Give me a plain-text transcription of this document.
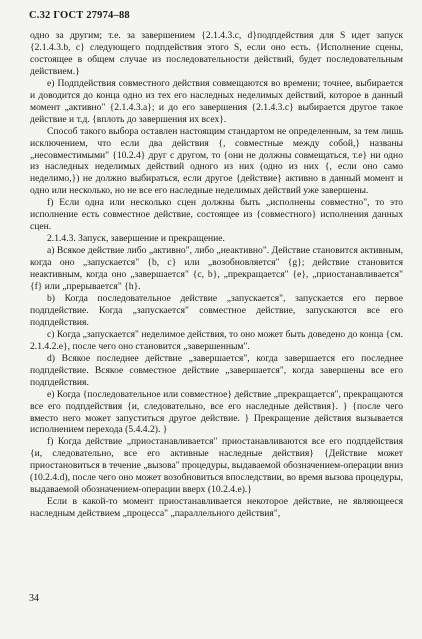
С.32 ГОСТ 27974–88

одно за другим; т.е. за завершением {2.1.4.3.с, d}подпдействия для S идет запуск {2.1.4.3.b, c} следующего подпдействия этого S, если оно есть. {Исполнение сцены, состоящее в общем случае из последовательности действий, будет последовательным действием.}

е) Подпдействия совместного действия совмещаются во времени; точнее, выбирается и доводится до конца одно из тех его наследных неделимых действий, которое в данный момент „активно" {2.1.4.3.а}; и до его завершения {2.1.4.3.с} выбирается другое такое действие и т.д. {вплоть до завершения их всех}.

Способ такого выбора оставлен настоящим стандартом не определенным, за тем лишь исключением, что если два действия {, совместные между собой,} названы „несовместимыми" {10.2.4} друг с другом, то {они не должны совмещаться, т.е} ни одно из наследных неделимых действий одного из них (одно из них {, если оно само неделимо,}) не должно выбираться, если другое {действие} активно в данный момент и одно или несколько, но не все его наследные неделимых действий уже завершены.

f) Если одна или несколько сцен должны быть „исполнены совместно", то это исполнение есть совместное действие, состоящее из {совместного} исполнения данных сцен.

2.1.4.3. Запуск, завершение и прекращение.

а) Всякое действие либо „активно", либо „неактивно". Действие становится активным, когда оно „запускается" {b, c} или „возобновляется" {g}; действие становится неактивным, когда оно „завершается" {c, b}, „прекращается" {e}, „приостанавливается" {f} или „прерывается" {h}.

b) Когда последовательное действие „запускается", запускается его первое подпдействие. Когда „запускается" совместное действие, запускаются все его подпдействия.

с) Когда „запускается" неделимое действия, то оно может быть доведено до конца {см. 2.1.4.2.е}, после чего оно становится „завершенным".

d) Всякое последнее действие „завершается", когда завершается его последнее подпдействие. Всякое совместное действие „завершается", когда завершены все его подпдействия.

е) Когда {последовательное или совместное} действие „прекращается", прекращаются все его подпдействия {и, следовательно, все его наследные действия}. } {после чего вместо него может запуститься другое действие. } Прекращение действия вызывается исполнением перехода (5.4.4.2). }

f) Когда действие „приостанавливается" приостанавливаются все его подпдействия {и, следовательно, все его активные наследные действия} {Действие может приостановиться в течение „вызова" процедуры, выдаваемой обозначением-операции вниз (10.2.4.d), после чего оно может возобновиться впоследствии, во время вызова процедуры, выдаваемой обозначением-операции вверх (10.2.4.е).}

Если в какой-то момент приостанавливается некоторое действие, не являющееся наследным действием „процесса" „параллельного действия",

34
